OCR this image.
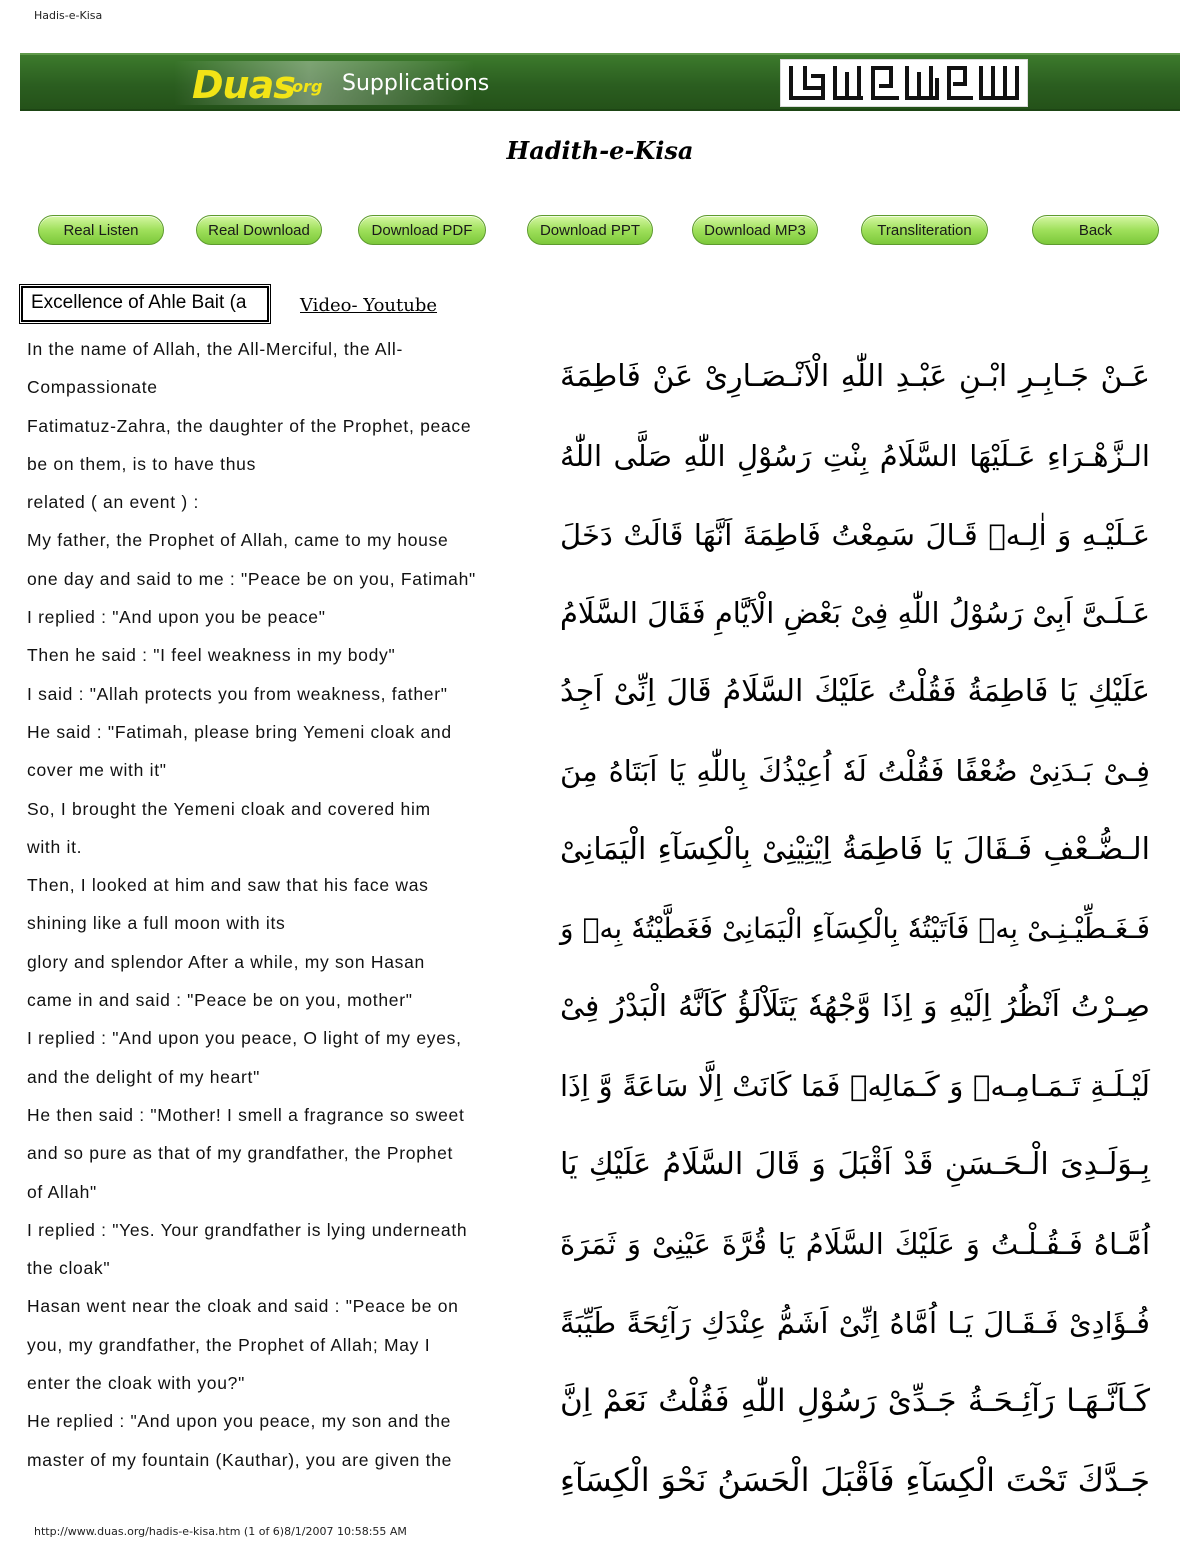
Hadis-e-Kisa
Duas
.org Supplications
Hadith-e-Kisa
Real Listen	Real Download	Download PDF	Download PPT	Download MP3	Transliteration	Back
Excellence of Ahle Bait (a	Video- Youtube
In the name of Allah, the All-Merciful, the All-
Compassionate
Fatimatuz-Zahra, the daughter of the Prophet, peace
be on them, is to have thus
related ( an event ) :
My father, the Prophet of Allah, came to my house
one day and said to me : "Peace be on you, Fatimah"
I replied : "And upon you be peace"
Then he said : "I feel weakness in my body"
I said : "Allah protects you from weakness, father"
He said : "Fatimah, please bring Yemeni cloak and
cover me with it"
So, I brought the Yemeni cloak and covered him
with it.
Then, I looked at him and saw that his face was
shining like a full moon with its
glory and splendor After a while, my son Hasan
came in and said : "Peace be on you, mother"
I replied : "And upon you peace, O light of my eyes,
and the delight of my heart"
He then said : "Mother! I smell a fragrance so sweet
and so pure as that of my grandfather, the Prophet
of Allah"
I replied : "Yes. Your grandfather is lying underneath
the cloak"
Hasan went near the cloak and said : "Peace be on
you, my grandfather, the Prophet of Allah; May I
enter the cloak with you?"
He replied : "And upon you peace, my son and the
master of my fountain (Kauthar), you are given the
عَـنْ جَـابِـرِ ابْـنِ عَبْـدِ اللّٰهِ الْاَنْـصَـارِیْ عَنْ فَاطِمَةَ
الـزَّهْـرَاءِ عَـلَيْهَا السَّلَامُ بِنْتِ رَسُوْلِ اللّٰهِ صَلَّى اللّٰهُ
عَـلَيْـهِ وَ اٰلِـهٖ قَـالَ سَمِعْتُ فَاطِمَةَ اَنَّهَا قَالَتْ دَخَلَ
عَـلَـیَّ اَبِیْ رَسُوْلُ اللّٰهِ فِیْ بَعْضِ الْاَیَّامِ فَقَالَ السَّلَامُ
عَلَيْكِ يَا فَاطِمَةُ فَقُلْتُ عَلَيْكَ السَّلَامُ قَالَ اِنِّیْ اَجِدُ
فِـیْ بَـدَنِیْ ضُعْفًا فَقُلْتُ لَهٗ اُعِيْذُكَ بِاللّٰهِ يَا اَبَتَاهُ مِنَ
الـضُّـعْفِ فَـقَالَ يَا فَاطِمَةُ اِيْتِيْنِیْ بِالْكِسَآءِ الْيَمَانِیْ
فَـغَـطِّيْـنِـیْ بِهٖ فَاَتَيْتُهٗ بِالْكِسَآءِ الْيَمَانِیْ فَغَطَّيْتُهٗ بِهٖ وَ
صِـرْتُ اَنْظُرُ اِلَيْهِ وَ اِذَا وَّجْهُهٗ يَتَلَاْلَؤُ كَاَنَّهُ الْبَدْرُ فِیْ
لَيْـلَـةِ تَـمَـامِـهٖ وَ كَـمَالِهٖ فَمَا كَانَتْ اِلَّا سَاعَةً وَّ اِذَا
بِـوَلَـدِیَ الْـحَـسَنِ قَدْ اَقْبَلَ وَ قَالَ السَّلَامُ عَلَيْكِ يَا
اُمَّـاهُ فَـقُـلْـتُ وَ عَلَيْكَ السَّلَامُ يَا قُرَّةَ عَيْنِیْ وَ ثَمَرَةَ
فُـؤَادِیْ فَـقَـالَ يَـا اُمَّاهُ اِنِّیْ اَشَمُّ عِنْدَكِ رَآئِحَةً طَيِّبَةً
كَـاَنَّـهَـا رَآئِـحَـةُ جَـدِّیْ رَسُوْلِ اللّٰهِ فَقُلْتُ نَعَمْ اِنَّ
جَـدَّكَ تَحْتَ الْكِسَآءِ فَاَقْبَلَ الْحَسَنُ نَحْوَ الْكِسَآءِ
http://www.duas.org/hadis-e-kisa.htm (1 of 6)8/1/2007 10:58:55 AM
